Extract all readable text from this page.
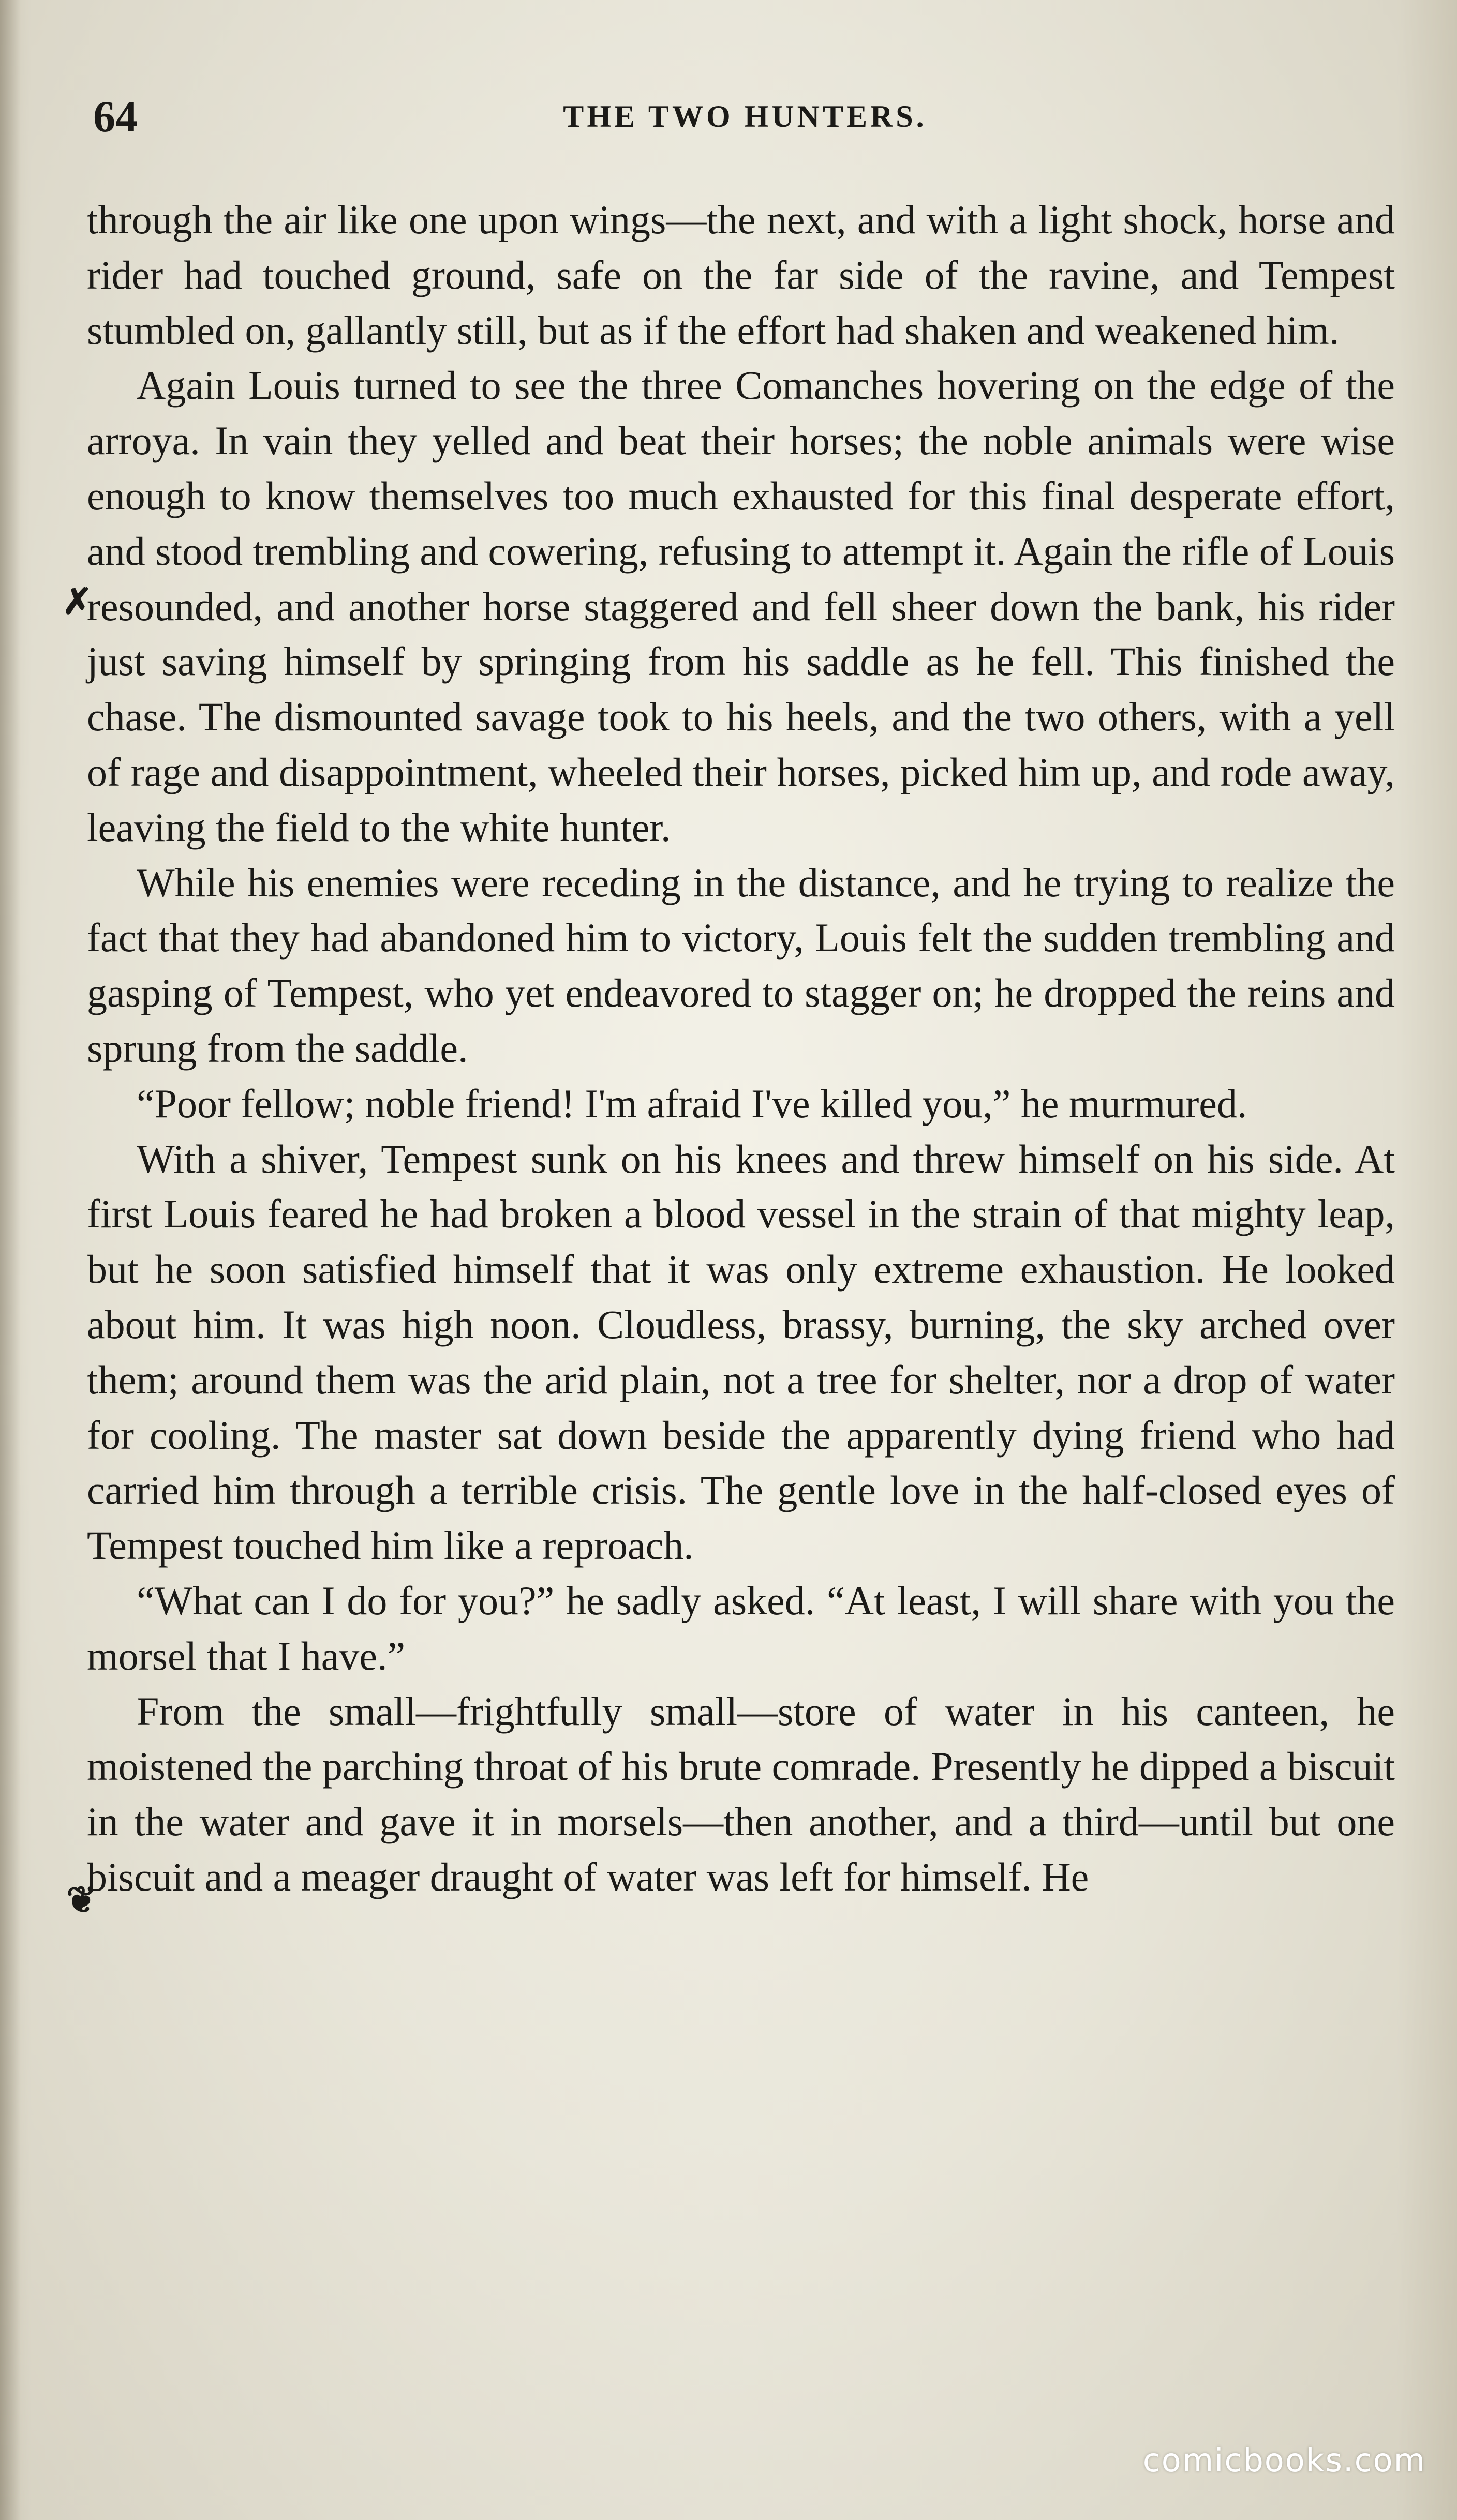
64	THE TWO HUNTERS.
✗
❦

through the air like one upon wings—the next, and with a light shock, horse and rider had touched ground, safe on the far side of the ravine, and Tempest stumbled on, gallantly still, but as if the effort had shaken and weakened him.

Again Louis turned to see the three Comanches hovering on the edge of the arroya. In vain they yelled and beat their horses; the noble animals were wise enough to know themselves too much exhausted for this final desperate effort, and stood trembling and cowering, refusing to attempt it. Again the rifle of Louis resounded, and another horse staggered and fell sheer down the bank, his rider just saving himself by springing from his saddle as he fell. This finished the chase. The dismounted savage took to his heels, and the two others, with a yell of rage and disappointment, wheeled their horses, picked him up, and rode away, leaving the field to the white hunter.

While his enemies were receding in the distance, and he trying to realize the fact that they had abandoned him to victory, Louis felt the sudden trembling and gasping of Tempest, who yet endeavored to stagger on; he dropped the reins and sprung from the saddle.

“Poor fellow; noble friend! I'm afraid I've killed you,” he murmured.

With a shiver, Tempest sunk on his knees and threw himself on his side. At first Louis feared he had broken a blood vessel in the strain of that mighty leap, but he soon satisfied himself that it was only extreme exhaustion. He looked about him. It was high noon. Cloudless, brassy, burning, the sky arched over them; around them was the arid plain, not a tree for shelter, nor a drop of water for cooling. The master sat down beside the apparently dying friend who had carried him through a terrible crisis. The gentle love in the half-closed eyes of Tempest touched him like a reproach.

“What can I do for you?” he sadly asked. “At least, I will share with you the morsel that I have.”

From the small—frightfully small—store of water in his canteen, he moistened the parching throat of his brute comrade. Presently he dipped a biscuit in the water and gave it in morsels—then another, and a third—until but one biscuit and a meager draught of water was left for himself. He

comicbooks.com
